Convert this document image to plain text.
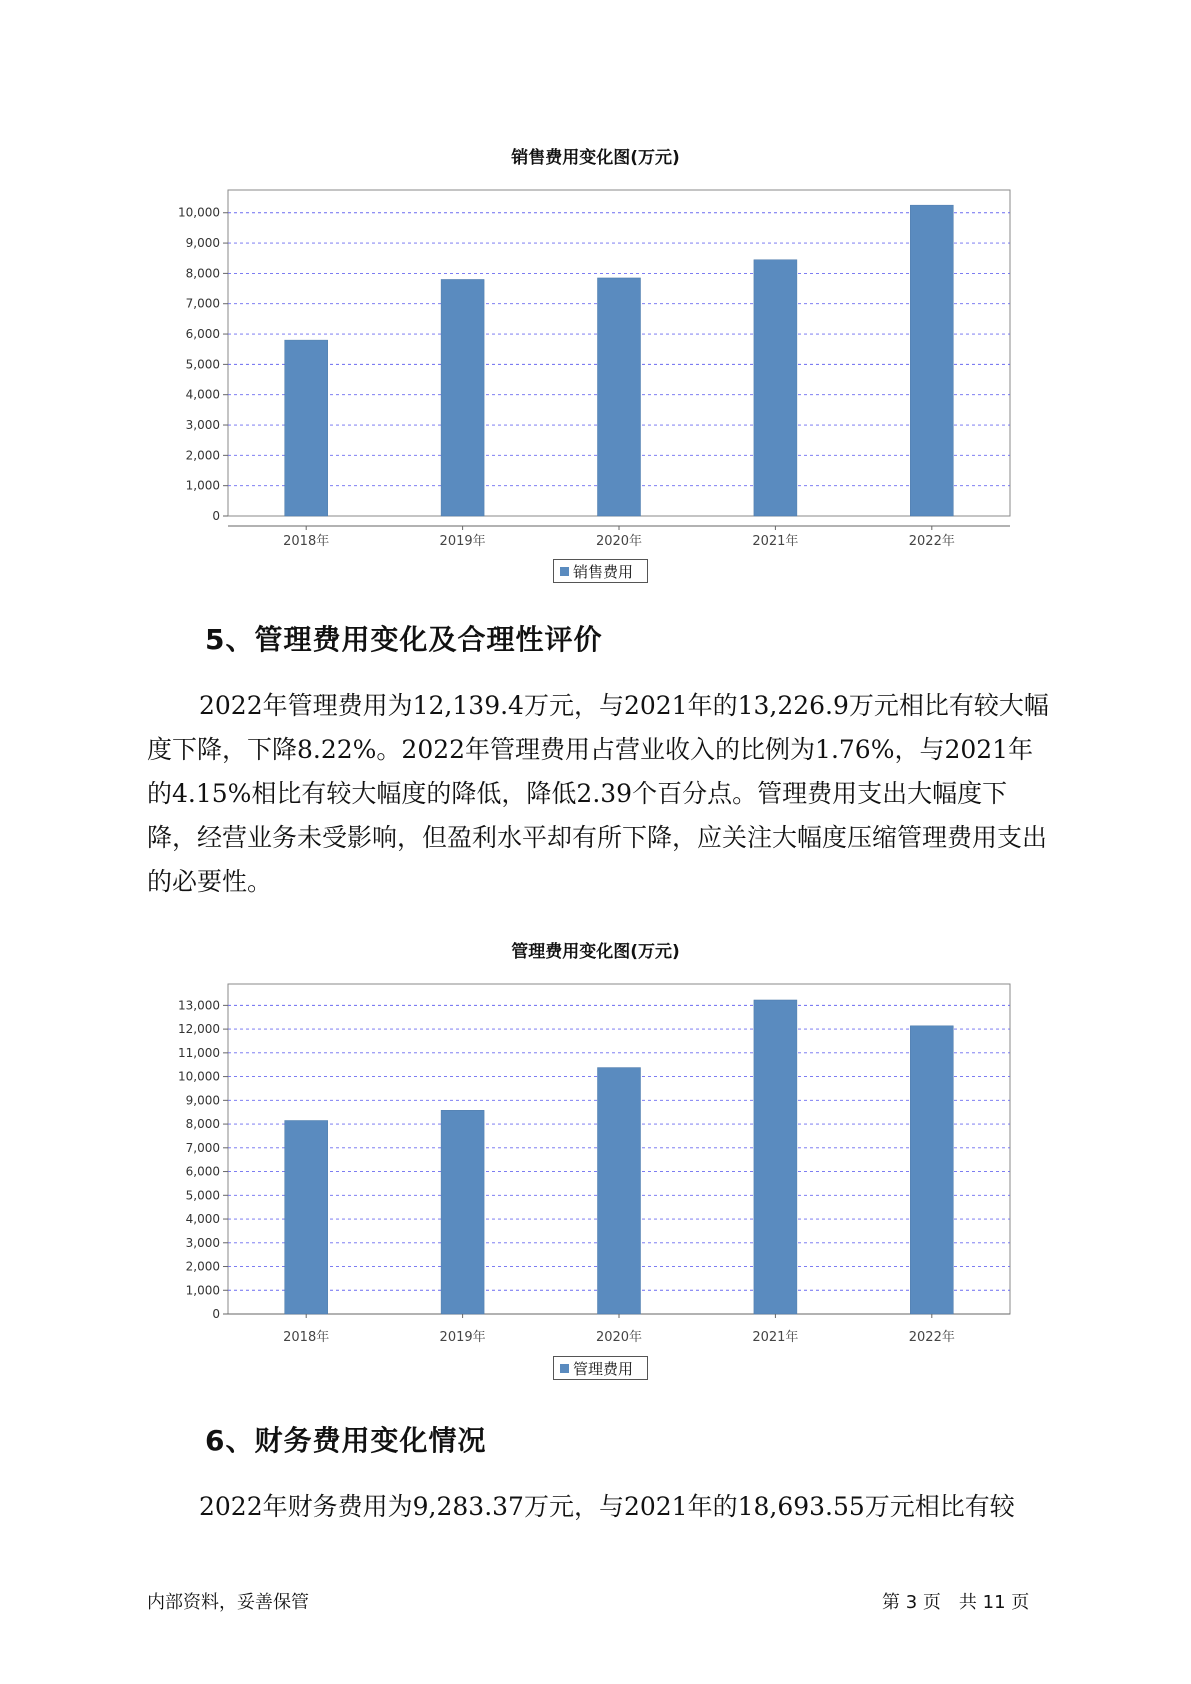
销售费用变化图(万元)
0
1,000
2,000
3,000
4,000
5,000
6,000
7,000
8,000
9,000
10,000
2018年	2019年	2020年	2021年	2022年
销售费用
5、管理费用变化及合理性评价

2022年管理费用为12,139.4万元，与2021年的13,226.9万元相比有较大幅度下降，下降8.22%。2022年管理费用占营业收入的比例为1.76%，与2021年的4.15%相比有较大幅度的降低，降低2.39个百分点。管理费用支出大幅度下降，经营业务未受影响，但盈利水平却有所下降，应关注大幅度压缩管理费用支出的必要性。

管理费用变化图(万元)
0
1,000
2,000
3,000
4,000
5,000
6,000
7,000
8,000
9,000
10,000
11,000
12,000
13,000
2018年	2019年	2020年	2021年	2022年
管理费用
6、财务费用变化情况

2022年财务费用为9,283.37万元，与2021年的18,693.55万元相比有较

内部资料，妥善保管	第 3 页　共 11 页
